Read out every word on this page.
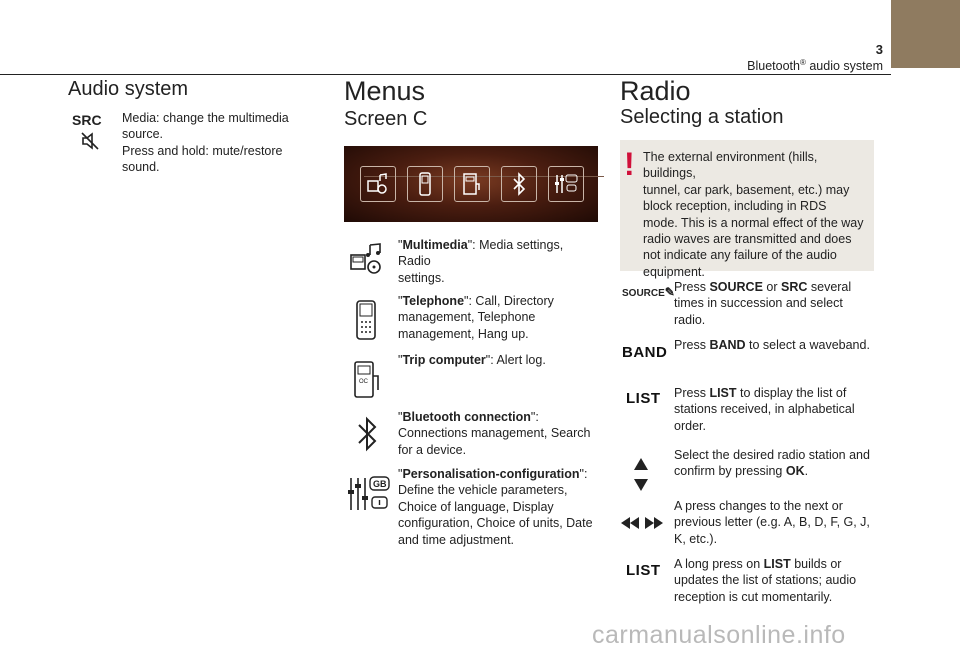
3
Bluetooth® audio system
Audio system
SRC Media: change the multimedia
source.
Press and hold: mute/restore sound.
Menus
Screen C
OC
GB
"Multimedia": Media settings, Radio
settings.
"Telephone": Call, Directory
management, Telephone
management, Hang up.
"Trip computer": Alert log.
"Bluetooth connection":
Connections management, Search
for a device.
"Personalisation-configuration":
Define the vehicle parameters,
Choice of language, Display
configuration, Choice of units, Date
and time adjustment.
Radio
Selecting a station
! The external environment (hills, buildings,
tunnel, car park, basement, etc.) may
block reception, including in RDS
mode. This is a normal effect of the way
radio waves are transmitted and does
not indicate any failure of the audio
equipment.
SOURCE✎ Press SOURCE or SRC several
times in succession and select
radio.
BAND Press BAND to select a waveband.
LIST Press LIST to display the list of
stations received, in alphabetical
order.
Select the desired radio station and
confirm by pressing OK.
A press changes to the next or
previous letter (e.g. A, B, D, F, G, J,
K, etc.).
LIST A long press on LIST builds or
updates the list of stations; audio
reception is cut momentarily.
carmanualsonline.info
